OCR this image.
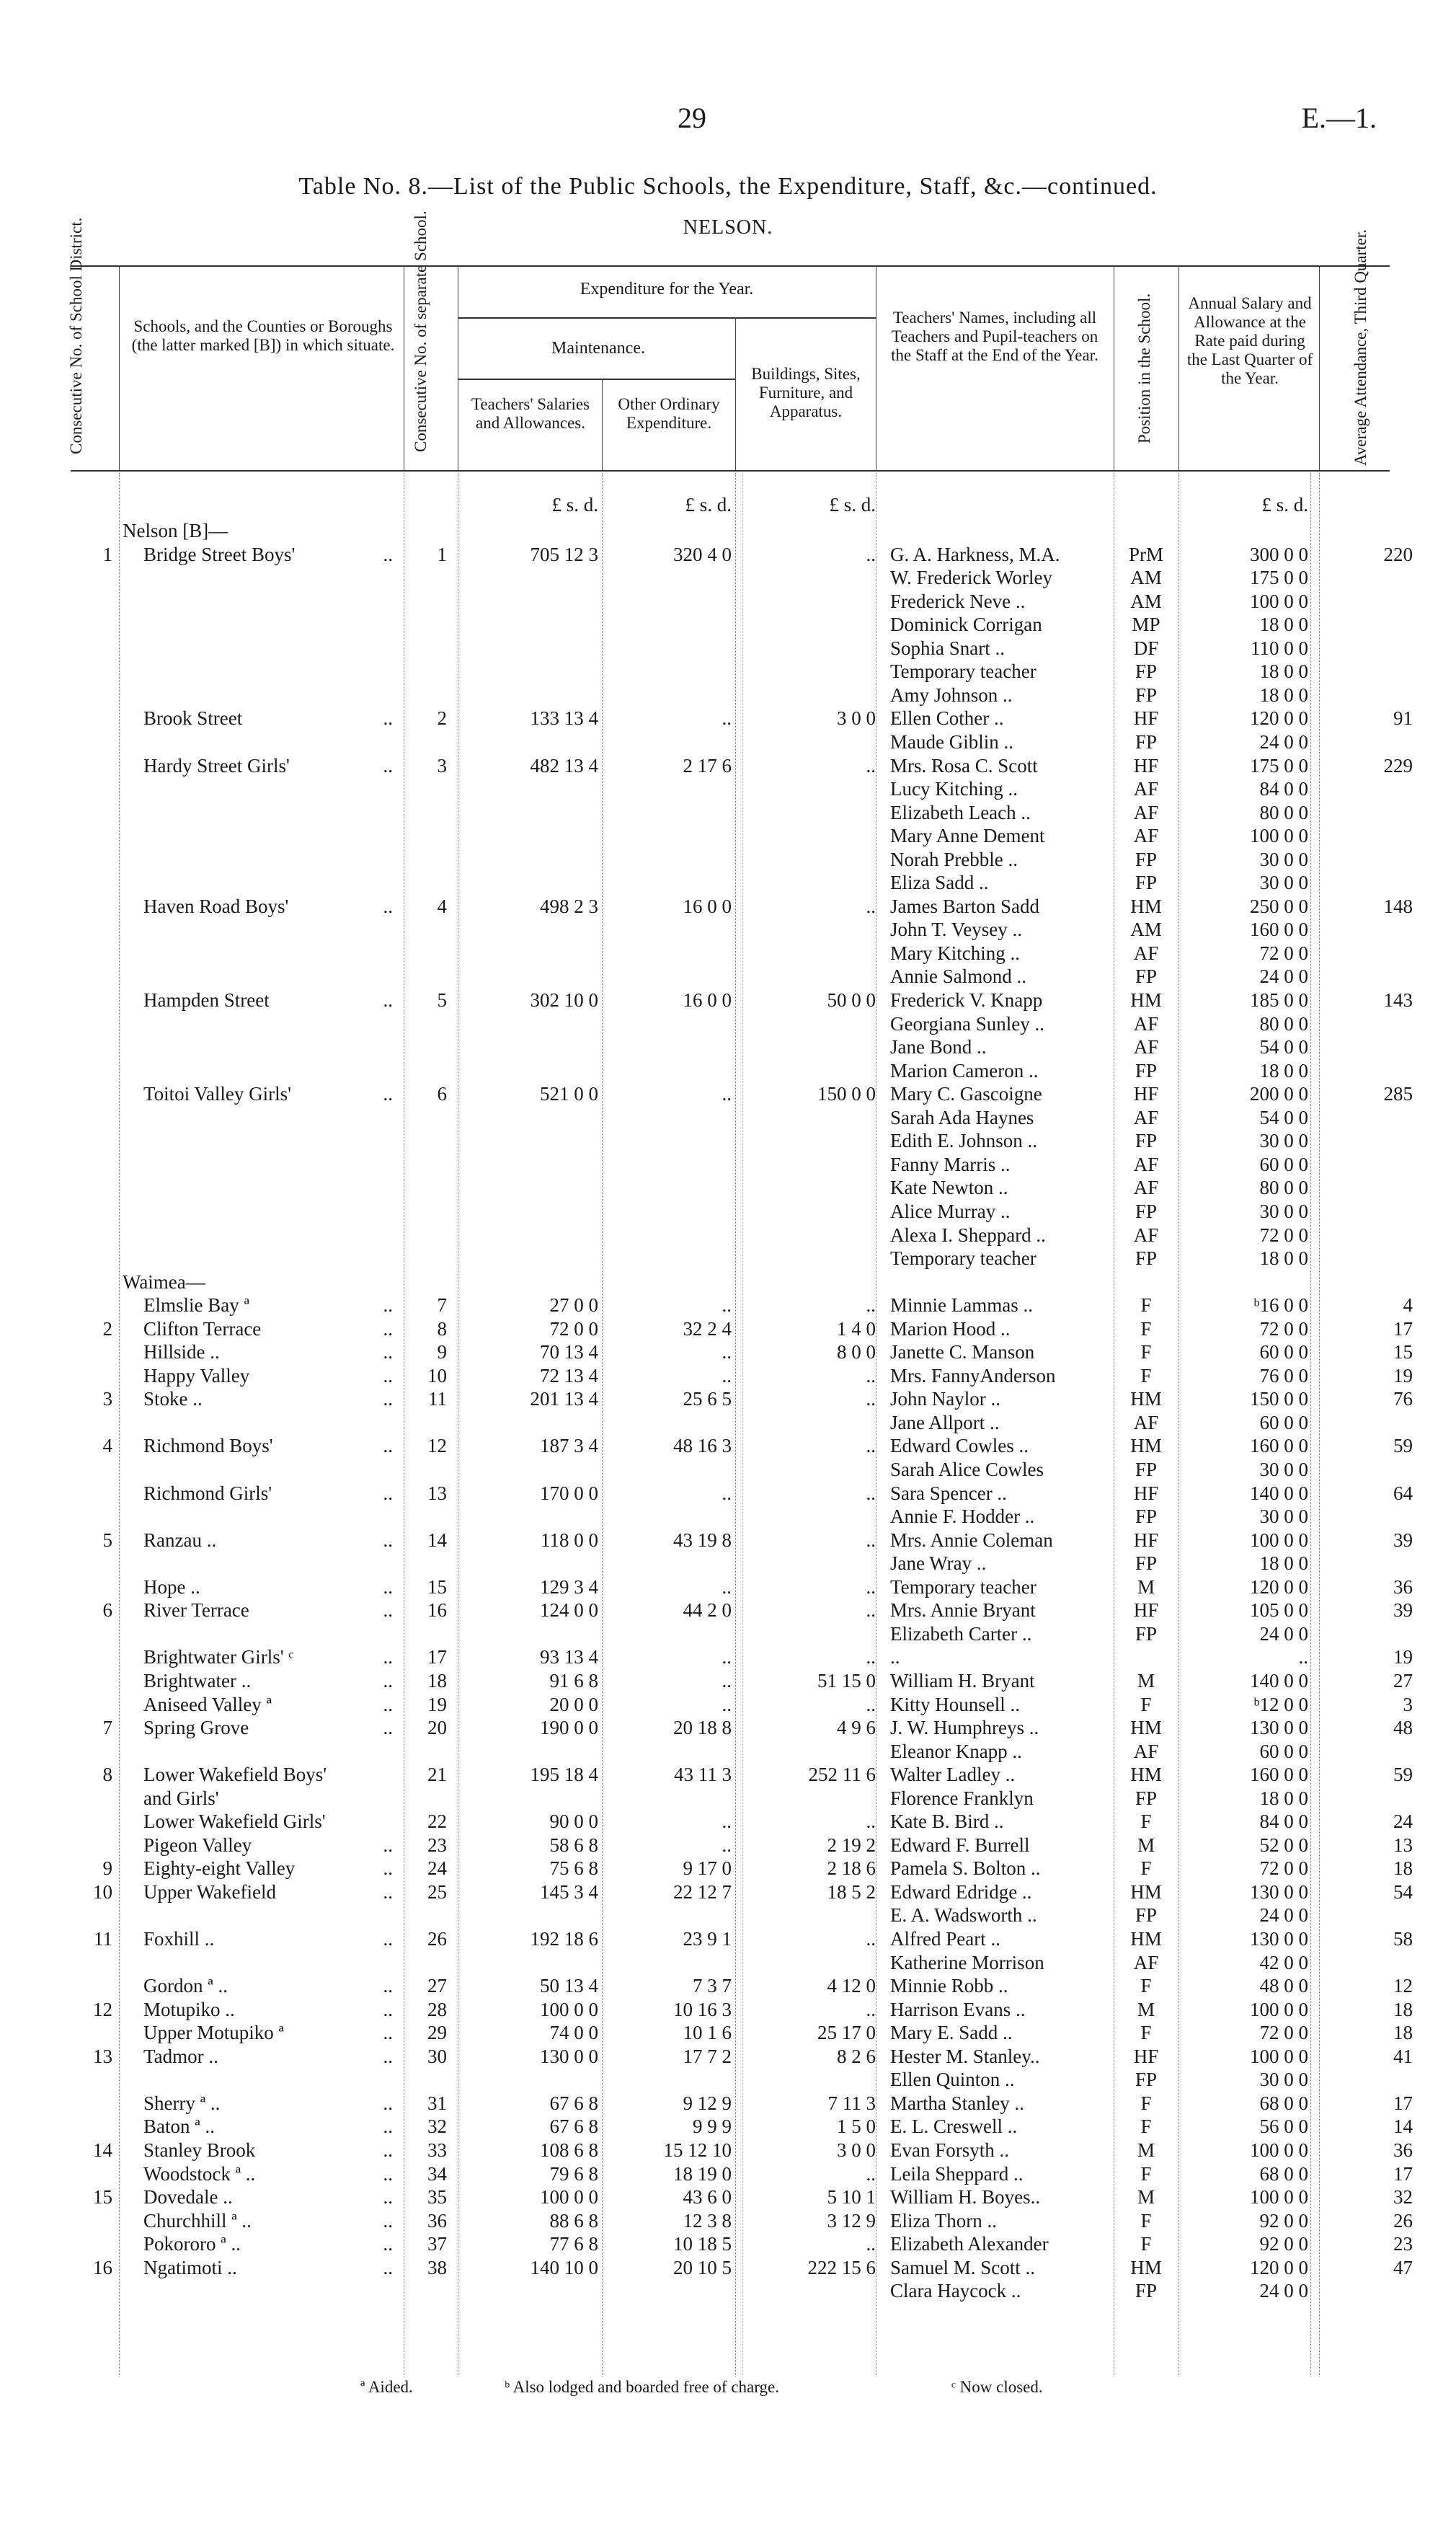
29	E.—1.
Table No. 8.—List of the Public Schools, the Expenditure, Staff, &c.—continued.
NELSON.
Consecutive No. of School District.	Schools, and the Counties or Boroughs (the latter marked [B]) in which situate. Consecutive No. of separate School.	Expenditure for the Year.
Maintenance.
Teachers' Salaries and Allowances.
Other Ordinary Expenditure.
Buildings, Sites, Furniture, and Apparatus.
Teachers' Names, including all Teachers and Pupil-teachers on the Staff at the End of the Year.	Position in the School. Annual Salary and Allowance at the Rate paid during the Last Quarter of the Year.	Average Attendance, Third Quarter.
£ s. d.	£ s. d.	£ s. d.	£ s. d.
Nelson [B]—
1 Bridge Street Boys'	..	1	705 12 3	320 4 0	.. G. A. Harkness, M.A.	PrM	300 0 0	220
W. Frederick Worley	AM	175 0 0
Frederick Neve ..	AM	100 0 0
Dominick Corrigan	MP	18 0 0
Sophia Snart ..	DF	110 0 0
Temporary teacher	FP	18 0 0
Amy Johnson ..	FP	18 0 0
Brook Street	..	2	133 13 4	..	3 0 0 Ellen Cother ..	HF	120 0 0	91
Maude Giblin ..	FP	24 0 0
Hardy Street Girls'	..	3	482 13 4	2 17 6	.. Mrs. Rosa C. Scott	HF	175 0 0	229
Lucy Kitching ..	AF	84 0 0
Elizabeth Leach ..	AF	80 0 0
Mary Anne Dement	AF	100 0 0
Norah Prebble ..	FP	30 0 0
Eliza Sadd ..	FP	30 0 0
Haven Road Boys'	..	4	498 2 3	16 0 0	.. James Barton Sadd	HM	250 0 0	148
John T. Veysey ..	AM	160 0 0
Mary Kitching ..	AF	72 0 0
Annie Salmond ..	FP	24 0 0
Hampden Street	..	5	302 10 0	16 0 0	50 0 0 Frederick V. Knapp	HM	185 0 0	143
Georgiana Sunley ..	AF	80 0 0
Jane Bond ..	AF	54 0 0
Marion Cameron ..	FP	18 0 0
Toitoi Valley Girls'	..	6	521 0 0	..	150 0 0 Mary C. Gascoigne	HF	200 0 0	285
Sarah Ada Haynes	AF	54 0 0
Edith E. Johnson ..	FP	30 0 0
Fanny Marris ..	AF	60 0 0
Kate Newton ..	AF	80 0 0
Alice Murray ..	FP	30 0 0
Alexa I. Sheppard ..	AF	72 0 0
Temporary teacher	FP	18 0 0
Waimea—
Elmslie Bay ª	..	7	27 0 0	..	.. Minnie Lammas ..	F	ᵇ16 0 0	4
2 Clifton Terrace	..	8	72 0 0	32 2 4	1 4 0 Marion Hood ..	F	72 0 0	17
Hillside ..	..	9	70 13 4	..	8 0 0 Janette C. Manson	F	60 0 0	15
Happy Valley	..	10	72 13 4	..	.. Mrs. FannyAnderson	F	76 0 0	19
3 Stoke ..	..	11	201 13 4	25 6 5	.. John Naylor ..	HM	150 0 0	76
Jane Allport ..	AF	60 0 0
4 Richmond Boys'	..	12	187 3 4	48 16 3	.. Edward Cowles ..	HM	160 0 0	59
Sarah Alice Cowles	FP	30 0 0
Richmond Girls'	..	13	170 0 0	..	.. Sara Spencer ..	HF	140 0 0	64
Annie F. Hodder ..	FP	30 0 0
5 Ranzau ..	..	14	118 0 0	43 19 8	.. Mrs. Annie Coleman	HF	100 0 0	39
Jane Wray ..	FP	18 0 0
Hope ..	..	15	129 3 4	..	.. Temporary teacher	M	120 0 0	36
6 River Terrace	..	16	124 0 0	44 2 0	.. Mrs. Annie Bryant	HF	105 0 0	39
Elizabeth Carter ..	FP	24 0 0
Brightwater Girls' ᶜ	..	17	93 13 4	..	.. ..	..	19
Brightwater ..	..	18	91 6 8	..	51 15 0 William H. Bryant	M	140 0 0	27
Aniseed Valley ª	..	19	20 0 0	..	.. Kitty Hounsell ..	F	ᵇ12 0 0	3
7 Spring Grove	..	20	190 0 0	20 18 8	4 9 6 J. W. Humphreys ..	HM	130 0 0	48
Eleanor Knapp ..	AF	60 0 0
8 Lower Wakefield Boys'	21	195 18 4	43 11 3	252 11 6 Walter Ladley ..	HM	160 0 0	59
and Girls'	Florence Franklyn	FP	18 0 0
Lower Wakefield Girls'	22	90 0 0	..	.. Kate B. Bird ..	F	84 0 0	24
Pigeon Valley	..	23	58 6 8	..	2 19 2 Edward F. Burrell	M	52 0 0	13
9 Eighty-eight Valley	..	24	75 6 8	9 17 0	2 18 6 Pamela S. Bolton ..	F	72 0 0	18
10 Upper Wakefield	..	25	145 3 4	22 12 7	18 5 2 Edward Edridge ..	HM	130 0 0	54
E. A. Wadsworth ..	FP	24 0 0
11 Foxhill ..	..	26	192 18 6	23 9 1	.. Alfred Peart ..	HM	130 0 0	58
Katherine Morrison	AF	42 0 0
Gordon ª ..	..	27	50 13 4	7 3 7	4 12 0 Minnie Robb ..	F	48 0 0	12
12 Motupiko ..	..	28	100 0 0	10 16 3	.. Harrison Evans ..	M	100 0 0	18
Upper Motupiko ª	..	29	74 0 0	10 1 6	25 17 0 Mary E. Sadd ..	F	72 0 0	18
13 Tadmor ..	..	30	130 0 0	17 7 2	8 2 6 Hester M. Stanley..	HF	100 0 0	41
Ellen Quinton ..	FP	30 0 0
Sherry ª ..	..	31	67 6 8	9 12 9	7 11 3 Martha Stanley ..	F	68 0 0	17
Baton ª ..	..	32	67 6 8	9 9 9	1 5 0 E. L. Creswell ..	F	56 0 0	14
14 Stanley Brook	..	33	108 6 8	15 12 10	3 0 0 Evan Forsyth ..	M	100 0 0	36
Woodstock ª ..	..	34	79 6 8	18 19 0	.. Leila Sheppard ..	F	68 0 0	17
15 Dovedale ..	..	35	100 0 0	43 6 0	5 10 1 William H. Boyes..	M	100 0 0	32
Churchhill ª ..	..	36	88 6 8	12 3 8	3 12 9 Eliza Thorn ..	F	92 0 0	26
Pokororo ª ..	..	37	77 6 8	10 18 5	.. Elizabeth Alexander	F	92 0 0	23
16 Ngatimoti ..	..	38	140 10 0	20 10 5	222 15 6 Samuel M. Scott ..	HM	120 0 0	47
Clara Haycock ..	FP	24 0 0
ª Aided.	ᵇ Also lodged and boarded free of charge.	ᶜ Now closed.
